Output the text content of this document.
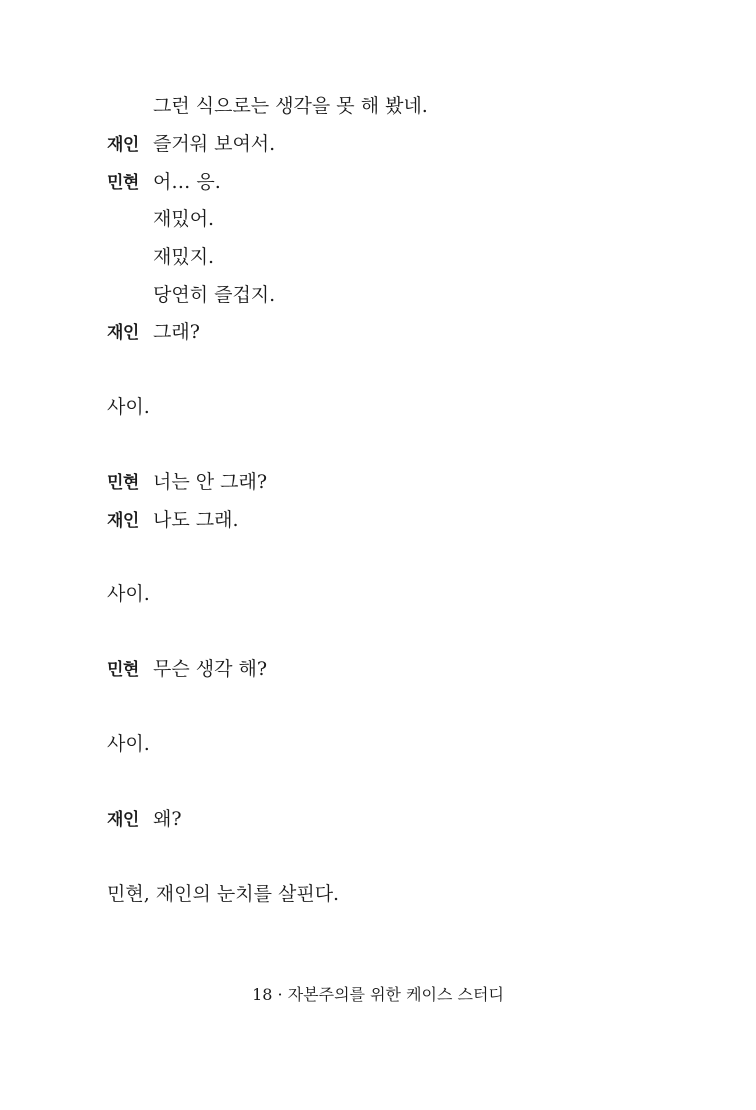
그런 식으로는 생각을 못 해 봤네.
재인 즐거워 보여서.
민현 어… 응.
재밌어.
재밌지.
당연히 즐겁지.
재인 그래?
사이.
민현 너는 안 그래?
재인 나도 그래.
사이.
민현 무슨 생각 해?
사이.
재인 왜?
민현, 재인의 눈치를 살핀다.
18 · 자본주의를 위한 케이스 스터디
